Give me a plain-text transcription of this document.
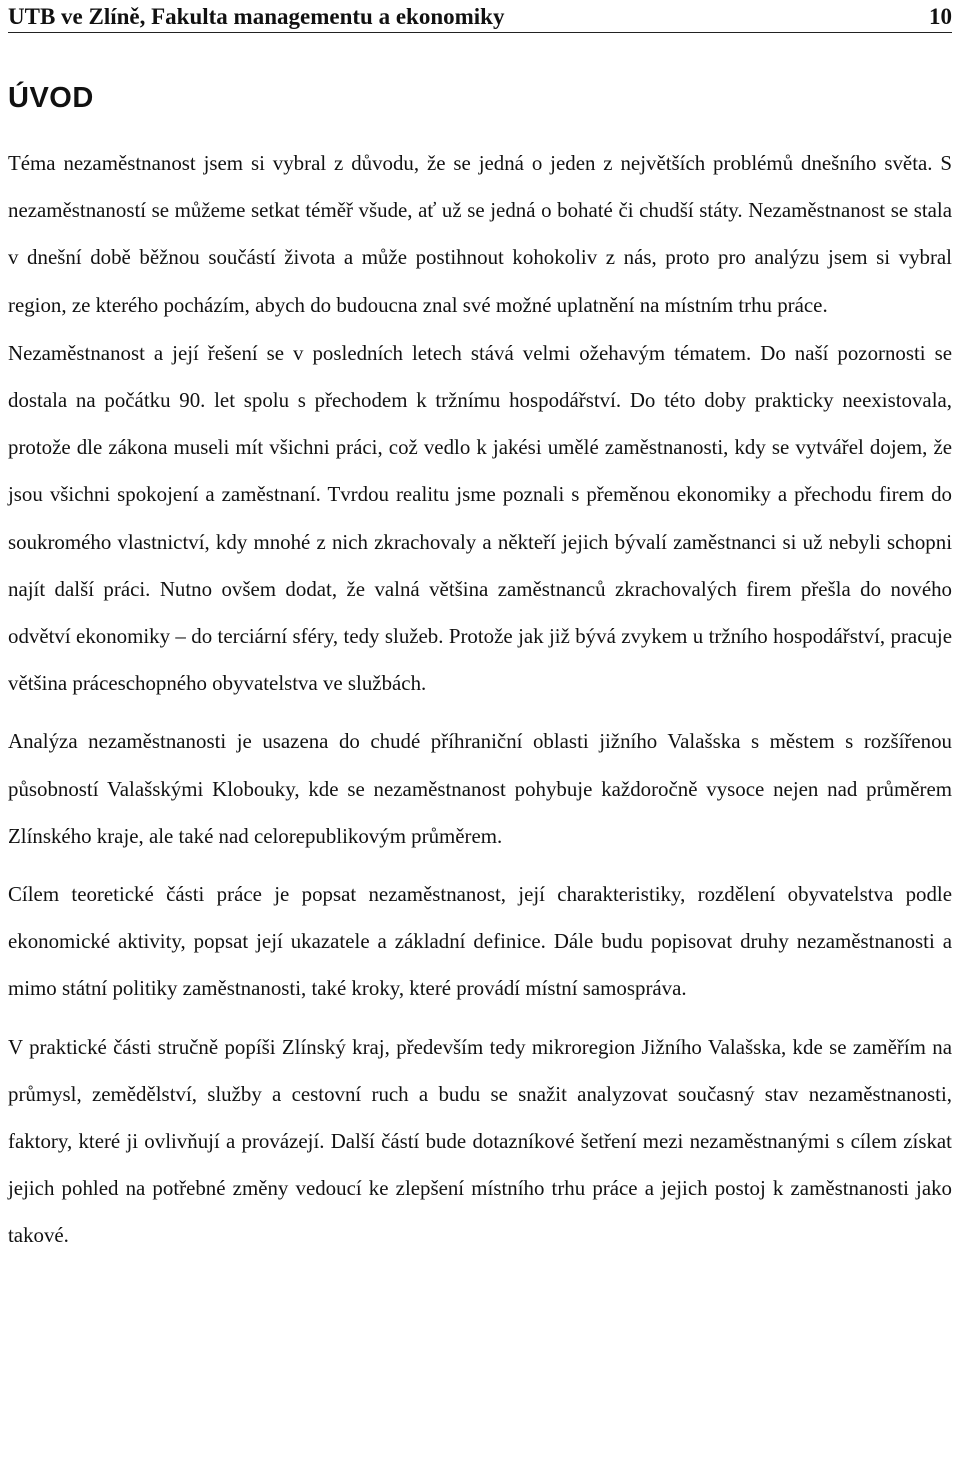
UTB ve Zlíně, Fakulta managementu a ekonomiky	10
ÚVOD

Téma nezaměstnanost jsem si vybral z důvodu, že se jedná o jeden z největších problémů dnešního světa. S nezaměstnaností se můžeme setkat téměř všude, ať už se jedná o bohaté či chudší státy. Nezaměstnanost se stala v dnešní době běžnou součástí života a může postihnout kohokoliv z nás, proto pro analýzu jsem si vybral region, ze kterého pocházím, abych do budoucna znal své možné uplatnění na místním trhu práce.

Nezaměstnanost a její řešení se v posledních letech stává velmi ožehavým tématem. Do naší pozornosti se dostala na počátku 90. let spolu s přechodem k tržnímu hospodářství. Do této doby prakticky neexistovala, protože dle zákona museli mít všichni práci, což vedlo k jakési umělé zaměstnanosti, kdy se vytvářel dojem, že jsou všichni spokojení a zaměstnaní. Tvrdou realitu jsme poznali s přeměnou ekonomiky a přechodu firem do soukromého vlastnictví, kdy mnohé z nich zkrachovaly a někteří jejich bývalí zaměstnanci si už nebyli schopni najít další práci. Nutno ovšem dodat, že valná většina zaměstnanců zkrachovalých firem přešla do nového odvětví ekonomiky – do terciární sféry, tedy služeb. Protože jak již bývá zvykem u tržního hospodářství, pracuje většina práceschopného obyvatelstva ve službách.

Analýza nezaměstnanosti je usazena do chudé příhraniční oblasti jižního Valašska s městem s rozšířenou působností Valašskými Klobouky, kde se nezaměstnanost pohybuje každoročně vysoce nejen nad průměrem Zlínského kraje, ale také nad celorepublikovým průměrem.

Cílem teoretické části práce je popsat nezaměstnanost, její charakteristiky, rozdělení obyvatelstva podle ekonomické aktivity, popsat její ukazatele a základní definice. Dále budu popisovat druhy nezaměstnanosti a mimo státní politiky zaměstnanosti, také kroky, které provádí místní samospráva.

V praktické části stručně popíši Zlínský kraj, především tedy mikroregion Jižního Valašska, kde se zaměřím na průmysl, zemědělství, služby a cestovní ruch a budu se snažit analyzovat současný stav nezaměstnanosti, faktory, které ji ovlivňují a provázejí. Další částí bude dotazníkové šetření mezi nezaměstnanými s cílem získat jejich pohled na potřebné změny vedoucí ke zlepšení místního trhu práce a jejich postoj k zaměstnanosti jako takové.
